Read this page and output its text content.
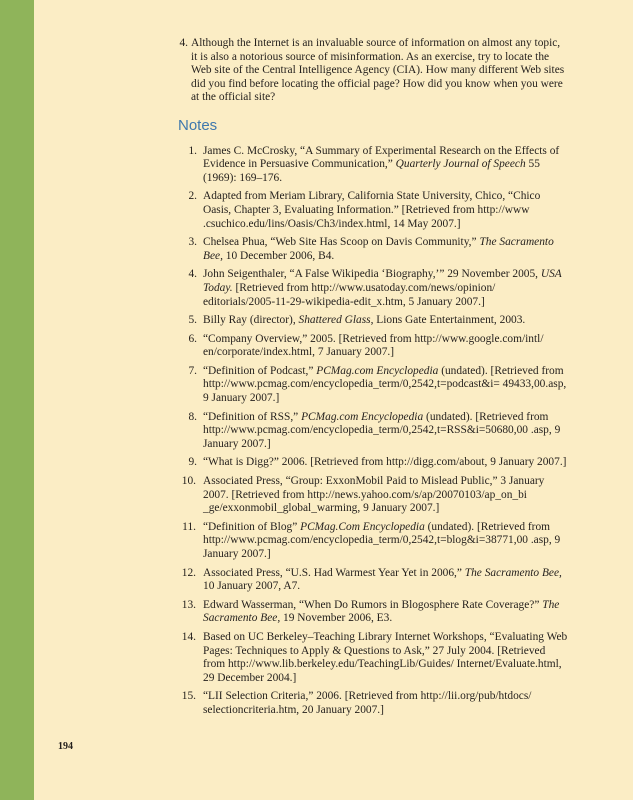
4. Although the Internet is an invaluable source of information on almost any topic, it is also a notorious source of misinformation. As an exercise, try to locate the Web site of the Central Intelligence Agency (CIA). How many different Web sites did you find before locating the official page? How did you know when you were at the official site?
Notes
1. James C. McCrosky, “A Summary of Experimental Research on the Effects of Evidence in Persuasive Communication,” Quarterly Journal of Speech 55 (1969): 169–176.
2. Adapted from Meriam Library, California State University, Chico, “Chico Oasis, Chapter 3, Evaluating Information.” [Retrieved from http://www .csuchico.edu/lins/Oasis/Ch3/index.html, 14 May 2007.]
3. Chelsea Phua, “Web Site Has Scoop on Davis Community,” The Sacramento Bee, 10 December 2006, B4.
4. John Seigenthaler, “A False Wikipedia ‘Biography,’” 29 November 2005, USA Today. [Retrieved from http://www.usatoday.com/news/opinion/ editorials/2005-11-29-wikipedia-edit_x.htm, 5 January 2007.]
5. Billy Ray (director), Shattered Glass, Lions Gate Entertainment, 2003.
6. “Company Overview,” 2005. [Retrieved from http://www.google.com/intl/ en/corporate/index.html, 7 January 2007.]
7. “Definition of Podcast,” PCMag.com Encyclopedia (undated). [Retrieved from http://www.pcmag.com/encyclopedia_term/0,2542,t=podcast&i= 49433,00.asp, 9 January 2007.]
8. “Definition of RSS,” PCMag.com Encyclopedia (undated). [Retrieved from http://www.pcmag.com/encyclopedia_term/0,2542,t=RSS&i=50680,00 .asp, 9 January 2007.]
9. “What is Digg?” 2006. [Retrieved from http://digg.com/about, 9 January 2007.]
10. Associated Press, “Group: ExxonMobil Paid to Mislead Public,” 3 January 2007. [Retrieved from http://news.yahoo.com/s/ap/20070103/ap_on_bi _ge/exxonmobil_global_warming, 9 January 2007.]
11. “Definition of Blog” PCMag.Com Encyclopedia (undated). [Retrieved from http://www.pcmag.com/encyclopedia_term/0,2542,t=blog&i=38771,00 .asp, 9 January 2007.]
12. Associated Press, “U.S. Had Warmest Year Yet in 2006,” The Sacramento Bee, 10 January 2007, A7.
13. Edward Wasserman, “When Do Rumors in Blogosphere Rate Coverage?” The Sacramento Bee, 19 November 2006, E3.
14. Based on UC Berkeley–Teaching Library Internet Workshops, “Evaluating Web Pages: Techniques to Apply & Questions to Ask,” 27 July 2004. [Retrieved from http://www.lib.berkeley.edu/TeachingLib/Guides/ Internet/Evaluate.html, 29 December 2004.]
15. “LII Selection Criteria,” 2006. [Retrieved from http://lii.org/pub/htdocs/ selectioncriteria.htm, 20 January 2007.]
194
